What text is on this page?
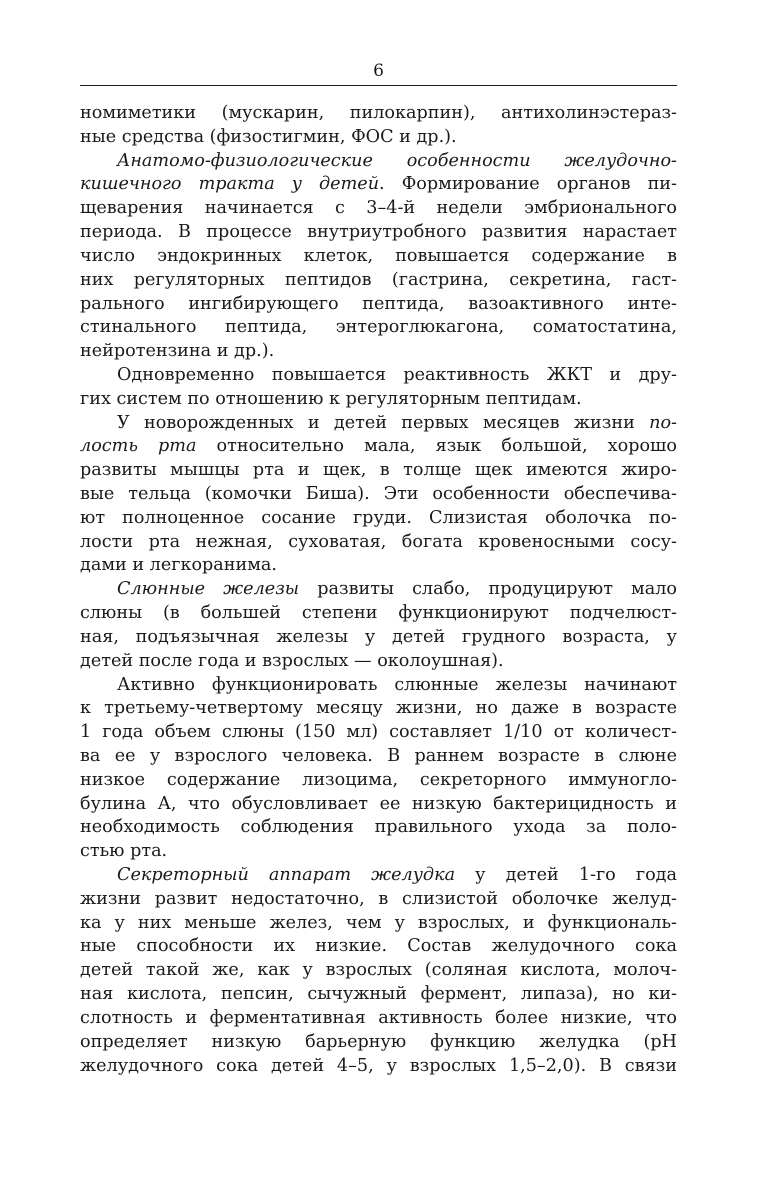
6
номиметики (мускарин, пилокарпин), антихолинэстераз-
ные средства (физостигмин, ФОС и др.).
Анатомо-физиологические особенности желудочно-
кишечного тракта у детей. Формирование органов пи-
щеварения начинается с 3–4-й недели эмбрионального
периода. В процессе внутриутробного развития нарастает
число эндокринных клеток, повышается содержание в
них регуляторных пептидов (гастрина, секретина, гаст-
рального ингибирующего пептида, вазоактивного инте-
стинального пептида, энтероглюкагона, соматостатина,
нейротензина и др.).
Одновременно повышается реактивность ЖКТ и дру-
гих систем по отношению к регуляторным пептидам.
У новорожденных и детей первых месяцев жизни по-
лость рта относительно мала, язык большой, хорошо
развиты мышцы рта и щек, в толще щек имеются жиро-
вые тельца (комочки Биша). Эти особенности обеспечива-
ют полноценное сосание груди. Слизистая оболочка по-
лости рта нежная, суховатая, богата кровеносными сосу-
дами и легкоранима.
Слюнные железы развиты слабо, продуцируют мало
слюны (в большей степени функционируют подчелюст-
ная, подъязычная железы у детей грудного возраста, у
детей после года и взрослых — околоушная).
Активно функционировать слюнные железы начинают
к третьему-четвертому месяцу жизни, но даже в возрасте
1 года объем слюны (150 мл) составляет 1/10 от количест-
ва ее у взрослого человека. В раннем возрасте в слюне
низкое содержание лизоцима, секреторного иммуногло-
булина А, что обусловливает ее низкую бактерицидность и
необходимость соблюдения правильного ухода за поло-
стью рта.
Секреторный аппарат желудка у детей 1-го года
жизни развит недостаточно, в слизистой оболочке желуд-
ка у них меньше желез, чем у взрослых, и функциональ-
ные способности их низкие. Состав желудочного сока
детей такой же, как у взрослых (соляная кислота, молоч-
ная кислота, пепсин, сычужный фермент, липаза), но ки-
слотность и ферментативная активность более низкие, что
определяет низкую барьерную функцию желудка (pH
желудочного сока детей 4–5, у взрослых 1,5–2,0). В связи
